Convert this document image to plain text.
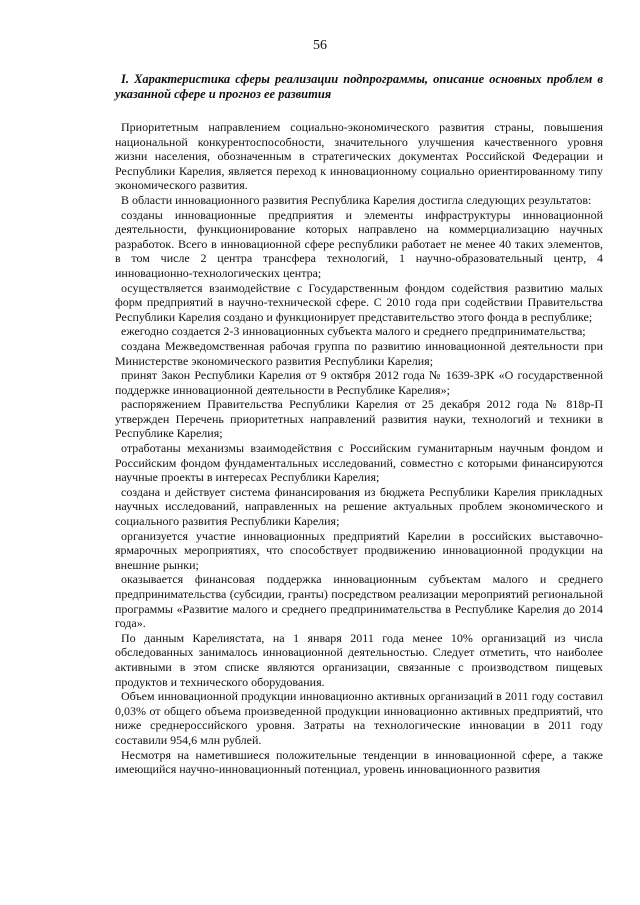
56

I. Характеристика сферы реализации подпрограммы, описание основных проблем в указанной сфере и прогноз ее развития

Приоритетным направлением социально-экономического развития страны, повышения национальной конкурентоспособности, значительного улучшения качественного уровня жизни населения, обозначенным в стратегических документах Российской Федерации и Республики Карелия, является переход к инновационному социально ориентированному типу экономического развития.

В области инновационного развития Республика Карелия достигла следующих результатов:

созданы инновационные предприятия и элементы инфраструктуры инновационной деятельности, функционирование которых направлено на коммерциализацию научных разработок. Всего в инновационной сфере республики работает не менее 40 таких элементов, в том числе 2 центра трансфера технологий, 1 научно-образовательный центр, 4 инновационно-технологических центра;

осуществляется взаимодействие с Государственным фондом содействия развитию малых форм предприятий в научно-технической сфере. С 2010 года при содействии Правительства Республики Карелия создано и функционирует представительство этого фонда в республике;

ежегодно создается 2-3 инновационных субъекта малого и среднего предпринимательства;

создана Межведомственная рабочая группа по развитию инновационной деятельности при Министерстве экономического развития Республики Карелия;

принят Закон Республики Карелия от 9 октября 2012 года № 1639-ЗРК «О государственной поддержке инновационной деятельности в Республике Карелия»;

распоряжением Правительства Республики Карелия от 25 декабря 2012 года № 818р-П утвержден Перечень приоритетных направлений развития науки, технологий и техники в Республике Карелия;

отработаны механизмы взаимодействия с Российским гуманитарным научным фондом и Российским фондом фундаментальных исследований, совместно с которыми финансируются научные проекты в интересах Республики Карелия;

создана и действует система финансирования из бюджета Республики Карелия прикладных научных исследований, направленных на решение актуальных проблем экономического и социального развития Республики Карелия;

организуется участие инновационных предприятий Карелии в российских выставочно-ярмарочных мероприятиях, что способствует продвижению инновационной продукции на внешние рынки;

оказывается финансовая поддержка инновационным субъектам малого и среднего предпринимательства (субсидии, гранты) посредством реализации мероприятий региональной программы «Развитие малого и среднего предпринимательства в Республике Карелия до 2014 года».

По данным Карелиястата, на 1 января 2011 года менее 10% организаций из числа обследованных занималось инновационной деятельностью. Следует отметить, что наиболее активными в этом списке являются организации, связанные с производством пищевых продуктов и технического оборудования.

Объем инновационной продукции инновационно активных организаций в 2011 году составил 0,03% от общего объема произведенной продукции инновационно активных предприятий, что ниже среднероссийского уровня. Затраты на технологические инновации в 2011 году составили 954,6 млн рублей.

Несмотря на наметившиеся положительные тенденции в инновационной сфере, а также имеющийся научно-инновационный потенциал, уровень инновационного развития
